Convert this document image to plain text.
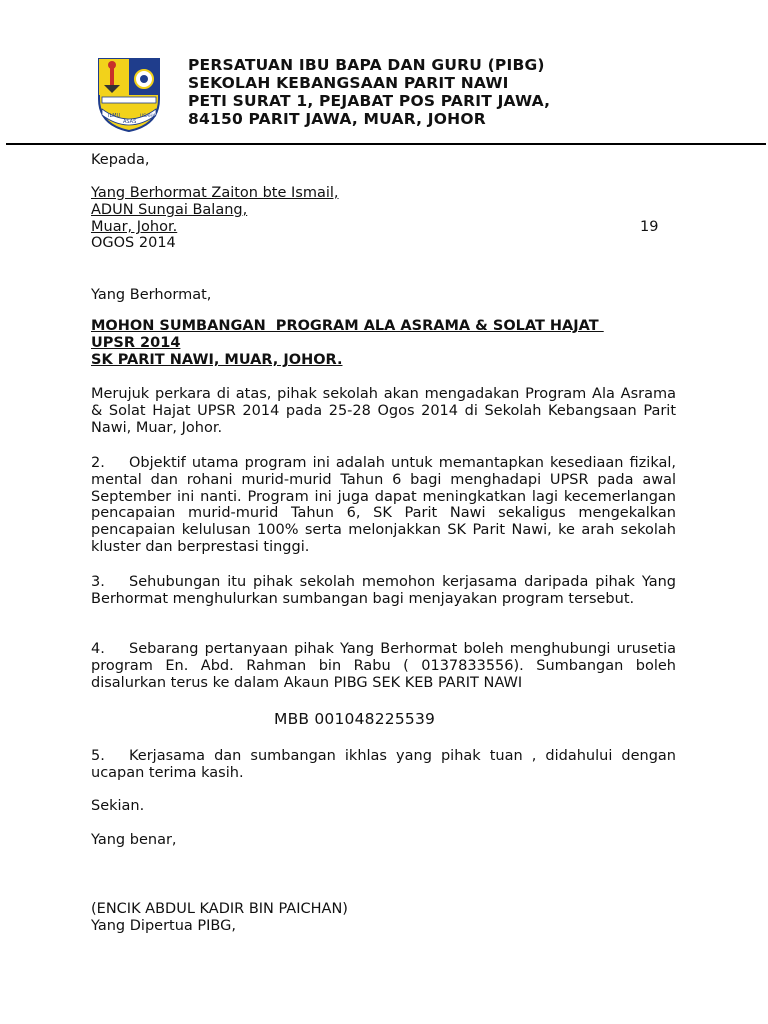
ILMU
ASAS
USAHA
PERSATUAN IBU BAPA DAN GURU (PIBG)
SEKOLAH KEBANGSAAN PARIT NAWI
PETI SURAT 1, PEJABAT POS PARIT JAWA,
84150 PARIT JAWA, MUAR, JOHOR
Kepada,
Yang Berhormat Zaiton bte Ismail,
ADUN Sungai Balang,
Muar, Johor.	19
OGOS 2014
Yang Berhormat,
MOHON SUMBANGAN  PROGRAM ALA ASRAMA & SOLAT HAJAT
UPSR 2014
SK PARIT NAWI, MUAR, JOHOR.
Merujuk perkara di atas, pihak sekolah akan mengadakan Program Ala Asrama & Solat Hajat UPSR 2014 pada 25-28 Ogos 2014 di Sekolah Kebangsaan Parit Nawi, Muar, Johor.
2. Objektif utama program ini adalah untuk memantapkan kesediaan fizikal, mental dan rohani murid-murid Tahun 6 bagi menghadapi UPSR pada awal September ini nanti. Program ini juga dapat meningkatkan lagi kecemerlangan pencapaian murid-murid Tahun 6, SK Parit Nawi sekaligus mengekalkan pencapaian kelulusan 100% serta melonjakkan SK Parit Nawi, ke arah sekolah kluster dan berprestasi tinggi.
3. Sehubungan itu pihak sekolah memohon kerjasama daripada pihak Yang Berhormat menghulurkan sumbangan bagi menjayakan program tersebut.
4. Sebarang pertanyaan pihak Yang Berhormat boleh menghubungi urusetia program En. Abd. Rahman bin Rabu ( 0137833556). Sumbangan boleh disalurkan terus ke dalam Akaun PIBG SEK KEB PARIT NAWI
MBB 001048225539
5. Kerjasama dan sumbangan ikhlas yang pihak tuan , didahului dengan ucapan terima kasih.
Sekian.
Yang benar,
(ENCIK ABDUL KADIR BIN PAICHAN)
Yang Dipertua PIBG,
